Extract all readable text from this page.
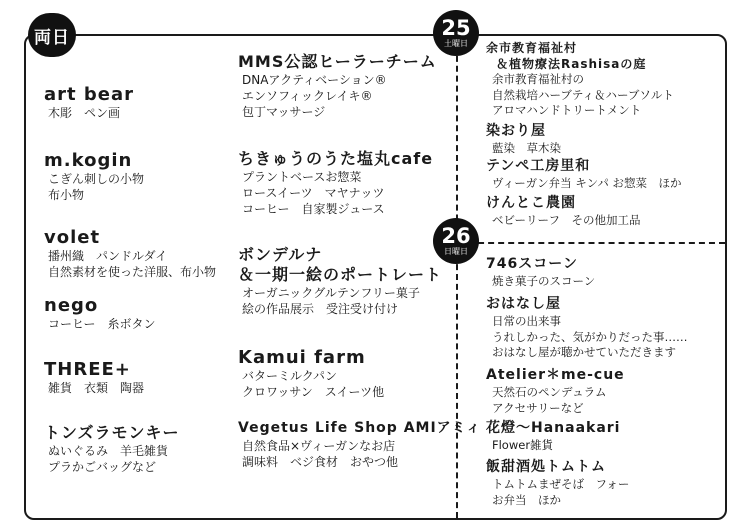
両日	25
土曜日
26
日曜日
art bear
木彫　ペン画
m.kogin
こぎん刺しの小物
布小物
volet
播州織　パンドルダイ
自然素材を使った洋服、布小物
nego
コーヒー　糸ボタン
THREE+
雑貨　衣類　陶器
トンズラモンキー
ぬいぐるみ　羊毛雑貨
プラかごバッグなど
MMS公認ヒーラーチーム
DNAアクティベーション®
エンソフィックレイキ®
包丁マッサージ
ちきゅうのうた塩丸cafe
プラントベースお惣菜
ロースイーツ　マヤナッツ
コーヒー　自家製ジュース
ボンデルナ
＆一期一絵のポートレート
オーガニックグルテンフリー菓子
絵の作品展示　受注受け付け
Kamui farm
バターミルクパン
クロワッサン　スイーツ他
Vegetus Life Shop AMIアミィ
自然食品×ヴィーガンなお店
調味料　ベジ食材　おやつ他
余市教育福祉村
＆植物療法Rashisaの庭
余市教育福祉村の
自然栽培ハーブティ＆ハーブソルト
アロマハンドトリートメント
染おり屋
藍染　草木染
テンペ工房里和
ヴィーガン弁当 キンパ お惣菜　ほか
けんとこ農園
ベビーリーフ　その他加工品
746スコーン
焼き菓子のスコーン
おはなし屋
日常の出来事
うれしかった、気がかりだった事……
おはなし屋が聴かせていただきます
Atelier＊me-cue
天然石のペンデュラム
アクセサリーなど
花燈～Hanaakari
Flower雑貨
飯甜酒処トムトム
トムトムまぜそば　フォー
お弁当　ほか
